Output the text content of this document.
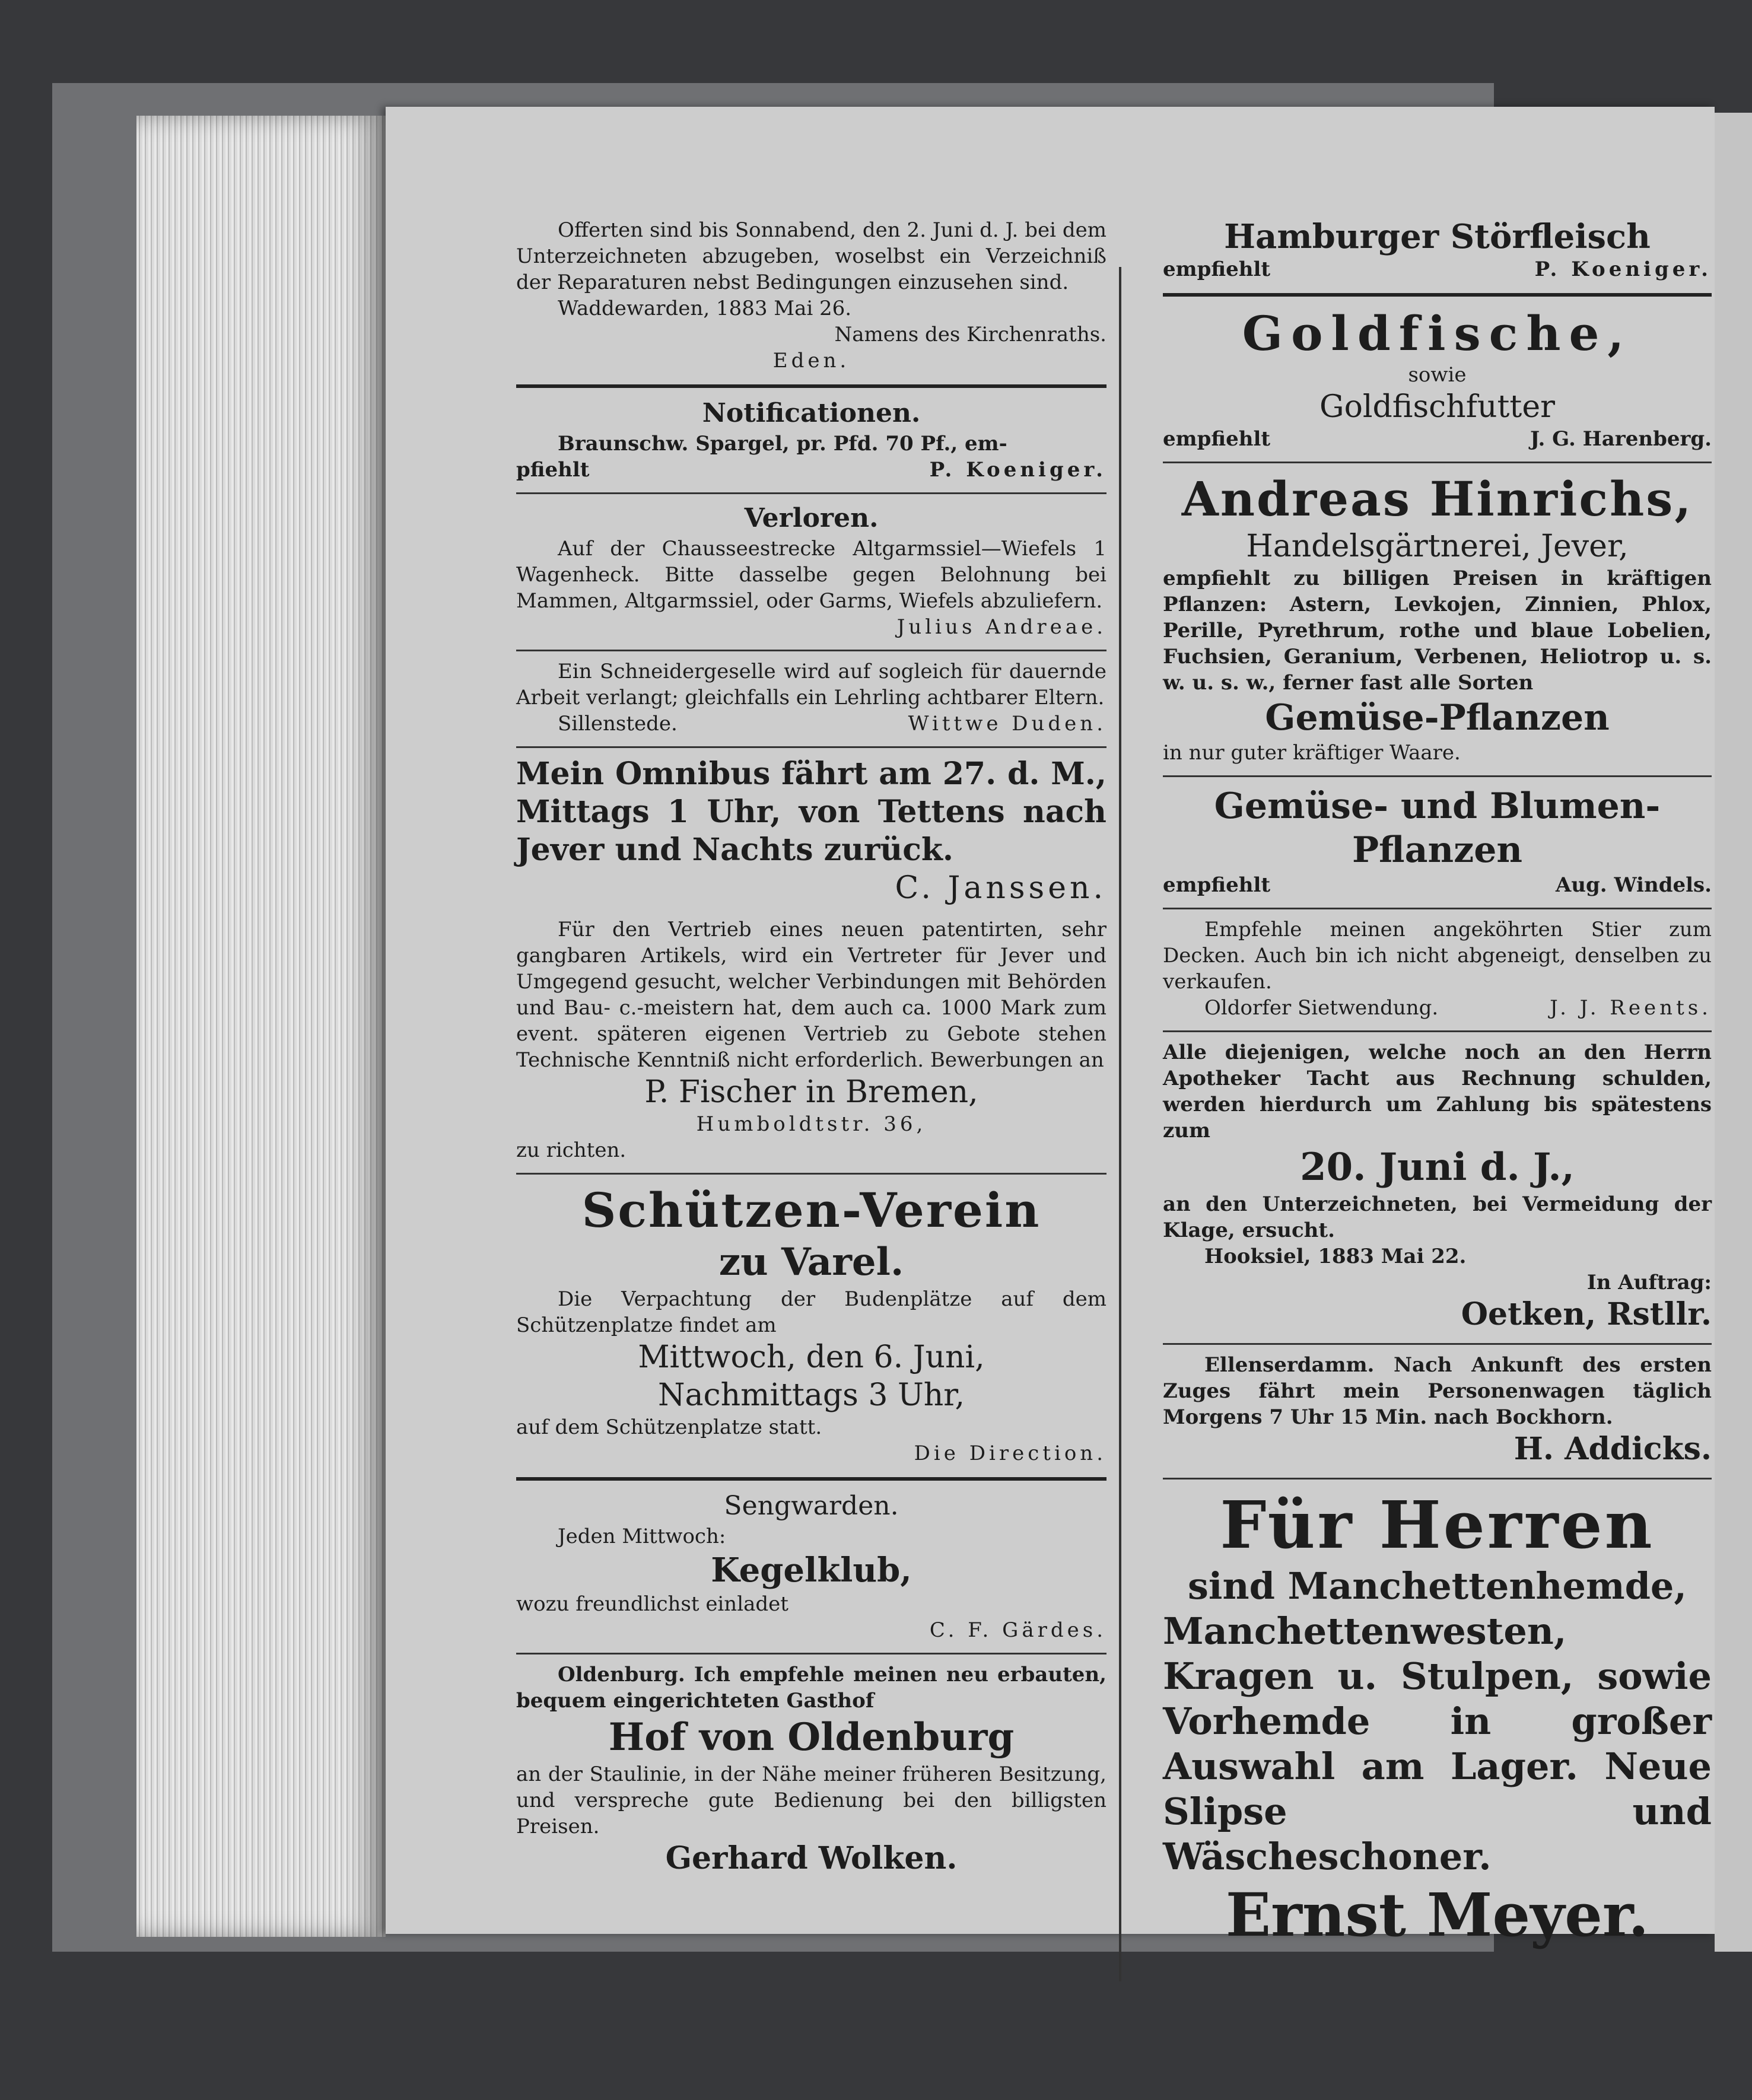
Offerten sind bis Sonnabend, den 2. Juni d. J. bei dem Unterzeichneten abzugeben, woselbst ein Verzeichniß der Reparaturen nebst Bedingungen einzusehen sind.

Waddewarden, 1883 Mai 26.

Namens des Kirchenraths.

Eden.

Notificationen.

Braunschw. Spargel, pr. Pfd. 70 Pf., em-

pfiehlt	P. Koeniger.
Verloren.

Auf der Chausseestrecke Altgarmssiel—Wiefels 1 Wagenheck. Bitte dasselbe gegen Belohnung bei Mammen, Altgarmssiel, oder Garms, Wiefels abzuliefern.

Julius Andreae.

Ein Schneidergeselle wird auf sogleich für dauernde Arbeit verlangt; gleichfalls ein Lehrling achtbarer Eltern.

Sillenstede.	Wittwe Duden.

Mein Omnibus fährt am 27. d. M., Mittags 1 Uhr, von Tettens nach Jever und Nachts zurück.

C. Janssen.

Für den Vertrieb eines neuen patentirten, sehr gangbaren Artikels, wird ein Vertreter für Jever und Umgegend gesucht, welcher Verbindungen mit Behörden und Bau- c.-meistern hat, dem auch ca. 1000 Mark zum event. späteren eigenen Vertrieb zu Gebote stehen Technische Kenntniß nicht erforderlich. Bewerbungen an

P. Fischer in Bremen,

Humboldtstr. 36,

zu richten.

Schützen-Verein
zu Varel.

Die Verpachtung der Budenplätze auf dem Schützenplatze findet am

Mittwoch, den 6. Juni,

Nachmittags 3 Uhr,

auf dem Schützenplatze statt.

Die Direction.

Sengwarden.

Jeden Mittwoch:

Kegelklub,

wozu freundlichst einladet

C. F. Gärdes.

Oldenburg. Ich empfehle meinen neu erbauten, bequem eingerichteten Gasthof

Hof von Oldenburg

an der Staulinie, in der Nähe meiner früheren Besitzung, und verspreche gute Bedienung bei den billigsten Preisen.

Gerhard Wolken.

Hamburger Störfleisch
empfiehlt	P. Koeniger.
Goldfische,

sowie

Goldfischfutter

empfiehlt	J. G. Harenberg.
Andreas Hinrichs,

Handelsgärtnerei, Jever,

empfiehlt zu billigen Preisen in kräftigen Pflanzen: Astern, Levkojen, Zinnien, Phlox, Perille, Pyrethrum, rothe und blaue Lobelien, Fuchsien, Geranium, Verbenen, Heliotrop u. s. w. u. s. w., ferner fast alle Sorten

Gemüse-Pflanzen

in nur guter kräftiger Waare.

Gemüse- und Blumen-
Pflanzen
empfiehlt	Aug. Windels.

Empfehle meinen angeköhrten Stier zum Decken. Auch bin ich nicht abgeneigt, denselben zu verkaufen.

Oldorfer Sietwendung.	J. J. Reents.

Alle diejenigen, welche noch an den Herrn Apotheker Tacht aus Rechnung schulden, werden hierdurch um Zahlung bis spätestens zum

20. Juni d. J.,

an den Unterzeichneten, bei Vermeidung der Klage, ersucht.

Hooksiel, 1883 Mai 22.

In Auftrag:

Oetken, Rstllr.

Ellenserdamm. Nach Ankunft des ersten Zuges fährt mein Personenwagen täglich Morgens 7 Uhr 15 Min. nach Bockhorn.

H. Addicks.

Für Herren

sind Manchettenhemde,

Manchettenwesten, Kragen u. Stulpen, sowie Vorhemde in großer Auswahl am Lager. Neue Slipse und Wäscheschoner.

Ernst Meyer.
